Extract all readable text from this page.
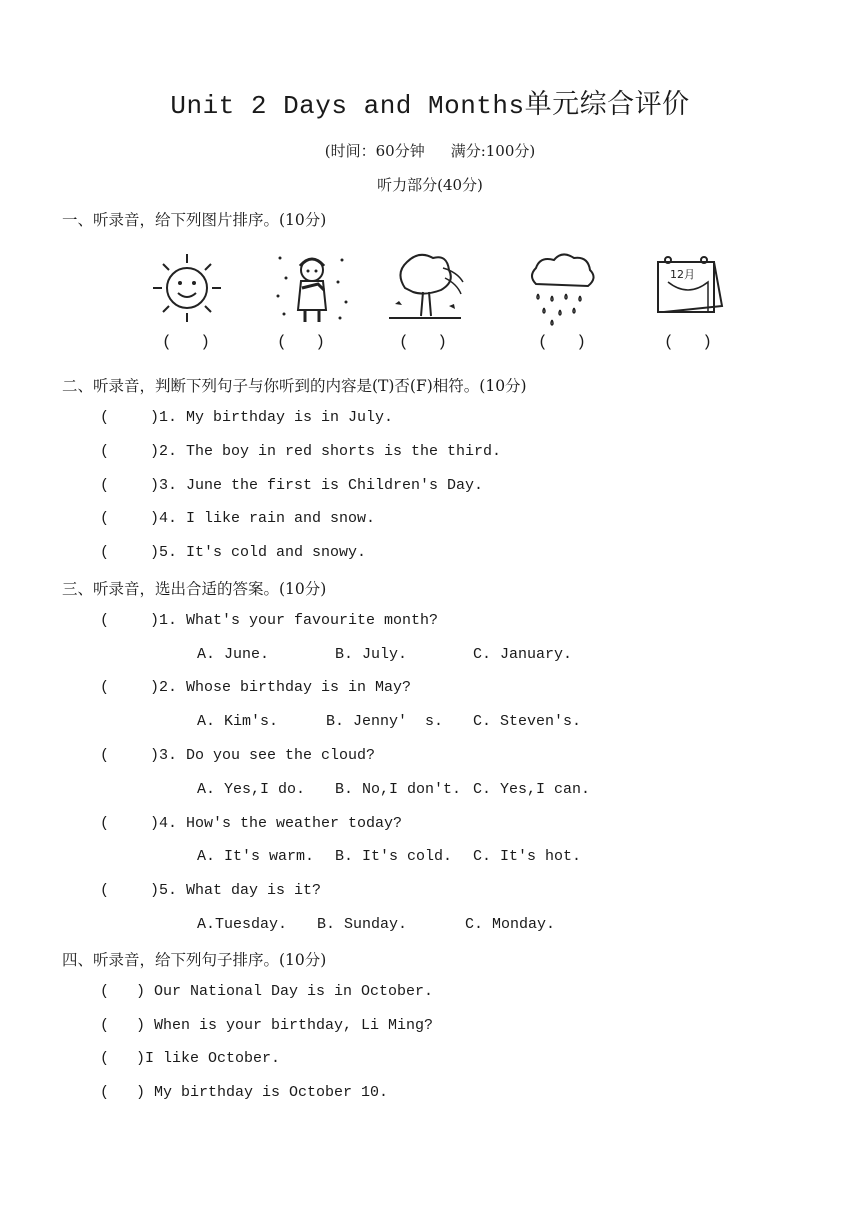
Unit 2 Days and Months单元综合评价
(时间：60分钟 满分:100分)
听力部分(40分)
一、听录音，给下列图片排序。(10分)
12月
(   )	(   )	(   )	(   )	(   )
二、听录音，判断下列句子与你听到的内容是(T)否(F)相符。(10分)
(	)1. My birthday is in July.
(	)2. The boy in red shorts is the third.
(	)3. June the first is Children's Day.
(	)4. I like rain and snow.
(	)5. It's cold and snowy.
三、听录音，选出合适的答案。(10分)
(	)1. What's your favourite month?

A. June.

	B. July.

	C. January.

(	)2. Whose birthday is in May?

A. Kim's.

	B. Jenny'  s.

C. Steven's.

(	)3. Do you see the cloud?

A. Yes,I do.

B. No,I don't.

C. Yes,I can.

(	)4. How's the weather today?

A. It's warm.

B. It's cold.

C. It's hot.

(	)5. What day is it?

A.Tuesday.

B. Sunday.

	C. Monday.

四、听录音，给下列句子排序。(10分)
( ) Our National Day is in October.
( ) When is your birthday, Li Ming?
( )I like October.
( ) My birthday is October 10.
